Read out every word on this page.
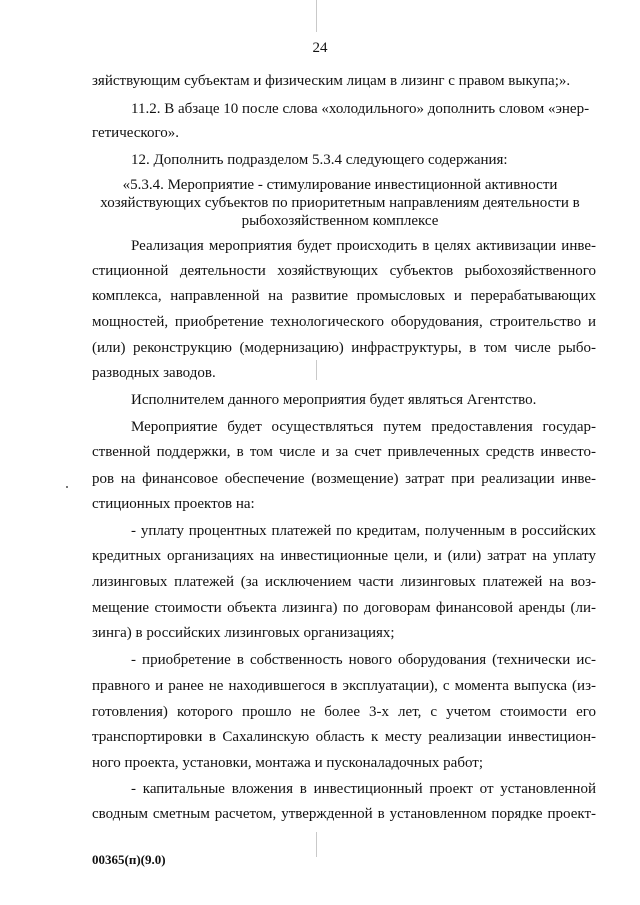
24
зяйствующим субъектам и физическим лицам в лизинг с правом выкупа;».
11.2. В абзаце 10 после слова «холодильного» дополнить словом «энер-
гетического».
12. Дополнить подразделом 5.3.4 следующего содержания:
«5.3.4. Мероприятие - стимулирование инвестиционной активности
хозяйствующих субъектов по приоритетным направлениям деятельности в
рыбохозяйственном комплексе
Реализация мероприятия будет происходить в целях активизации инве-
стиционной деятельности хозяйствующих субъектов рыбохозяйственного
комплекса, направленной на развитие промысловых и перерабатывающих
мощностей, приобретение технологического оборудования, строительство и
(или) реконструкцию (модернизацию) инфраструктуры, в том числе рыбо-
разводных заводов.
Исполнителем данного мероприятия будет являться Агентство.
Мероприятие будет осуществляться путем предоставления государ-
ственной поддержки, в том числе и за счет привлеченных средств инвесто-
ров на финансовое обеспечение (возмещение) затрат при реализации инве-
стиционных проектов на:
- уплату процентных платежей по кредитам, полученным в российских
кредитных организациях на инвестиционные цели, и (или) затрат на уплату
лизинговых платежей (за исключением части лизинговых платежей на воз-
мещение стоимости объекта лизинга) по договорам финансовой аренды (ли-
зинга) в российских лизинговых организациях;
- приобретение в собственность нового оборудования (технически ис-
правного и ранее не находившегося в эксплуатации), с момента выпуска (из-
готовления) которого прошло не более 3-х лет, с учетом стоимости его
транспортировки в Сахалинскую область к месту реализации инвестицион-
ного проекта, установки, монтажа и пусконаладочных работ;
- капитальные вложения в инвестиционный проект от установленной
сводным сметным расчетом, утвержденной в установленном порядке проект-
00365(п)(9.0)
